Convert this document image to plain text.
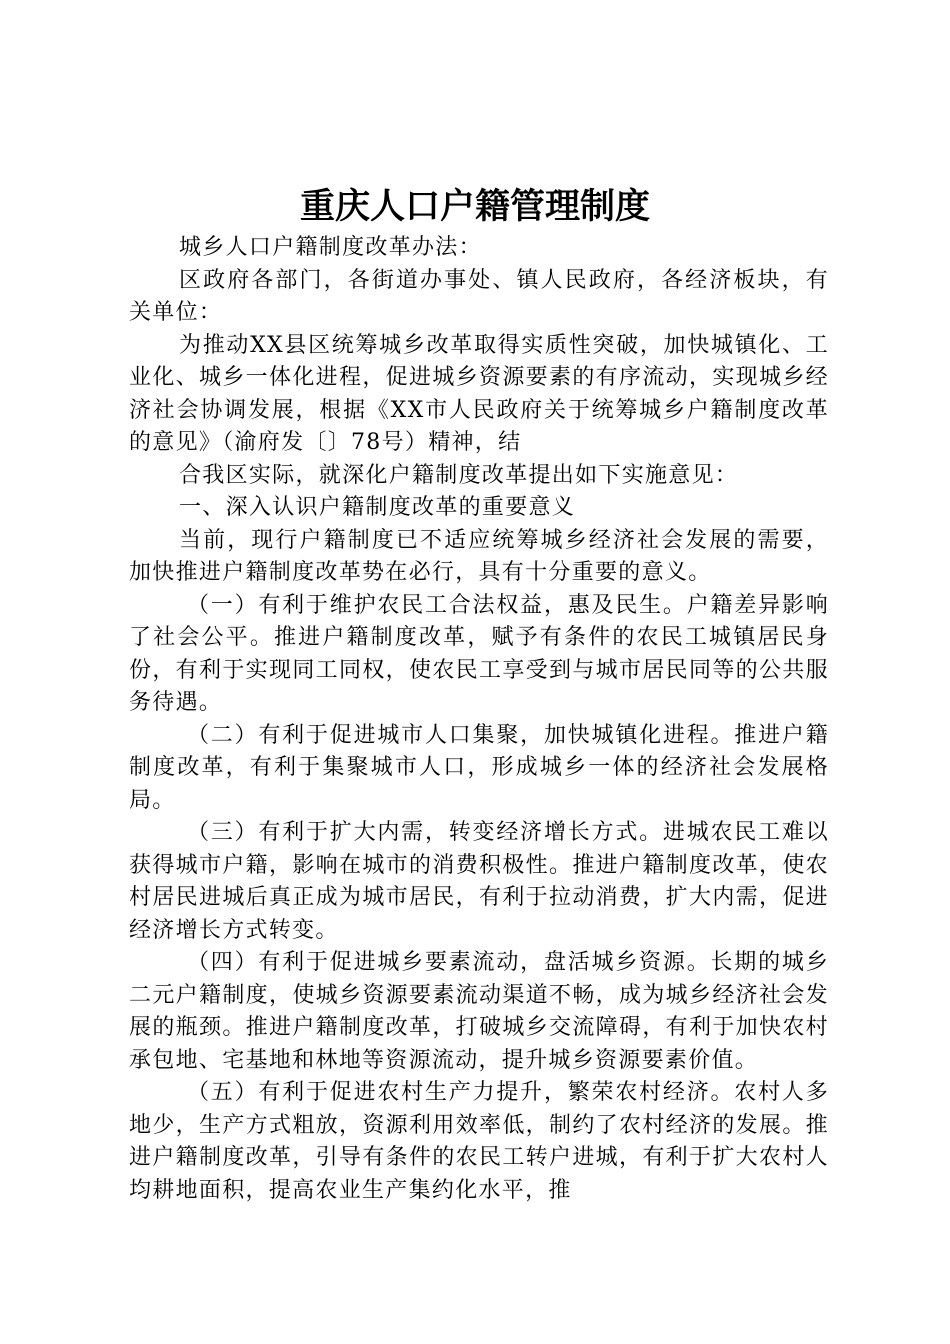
重庆人口户籍管理制度

城乡人口户籍制度改革办法：

区政府各部门，各街道办事处、镇人民政府，各经济板块，有关单位：

为推动XX县区统筹城乡改革取得实质性突破，加快城镇化、工业化、城乡一体化进程，促进城乡资源要素的有序流动，实现城乡经济社会协调发展，根据《XX市人民政府关于统筹城乡户籍制度改革的意见》（渝府发〔〕78号）精神，结

合我区实际，就深化户籍制度改革提出如下实施意见：

一、深入认识户籍制度改革的重要意义

当前，现行户籍制度已不适应统筹城乡经济社会发展的需要，加快推进户籍制度改革势在必行，具有十分重要的意义。

（一）有利于维护农民工合法权益，惠及民生。户籍差异影响了社会公平。推进户籍制度改革，赋予有条件的农民工城镇居民身份，有利于实现同工同权，使农民工享受到与城市居民同等的公共服务待遇。

（二）有利于促进城市人口集聚，加快城镇化进程。推进户籍制度改革，有利于集聚城市人口，形成城乡一体的经济社会发展格局。

（三）有利于扩大内需，转变经济增长方式。进城农民工难以获得城市户籍，影响在城市的消费积极性。推进户籍制度改革，使农村居民进城后真正成为城市居民，有利于拉动消费，扩大内需，促进经济增长方式转变。

（四）有利于促进城乡要素流动，盘活城乡资源。长期的城乡二元户籍制度，使城乡资源要素流动渠道不畅，成为城乡经济社会发展的瓶颈。推进户籍制度改革，打破城乡交流障碍，有利于加快农村承包地、宅基地和林地等资源流动，提升城乡资源要素价值。

（五）有利于促进农村生产力提升，繁荣农村经济。农村人多地少，生产方式粗放，资源利用效率低，制约了农村经济的发展。推进户籍制度改革，引导有条件的农民工转户进城，有利于扩大农村人均耕地面积，提高农业生产集约化水平，推
